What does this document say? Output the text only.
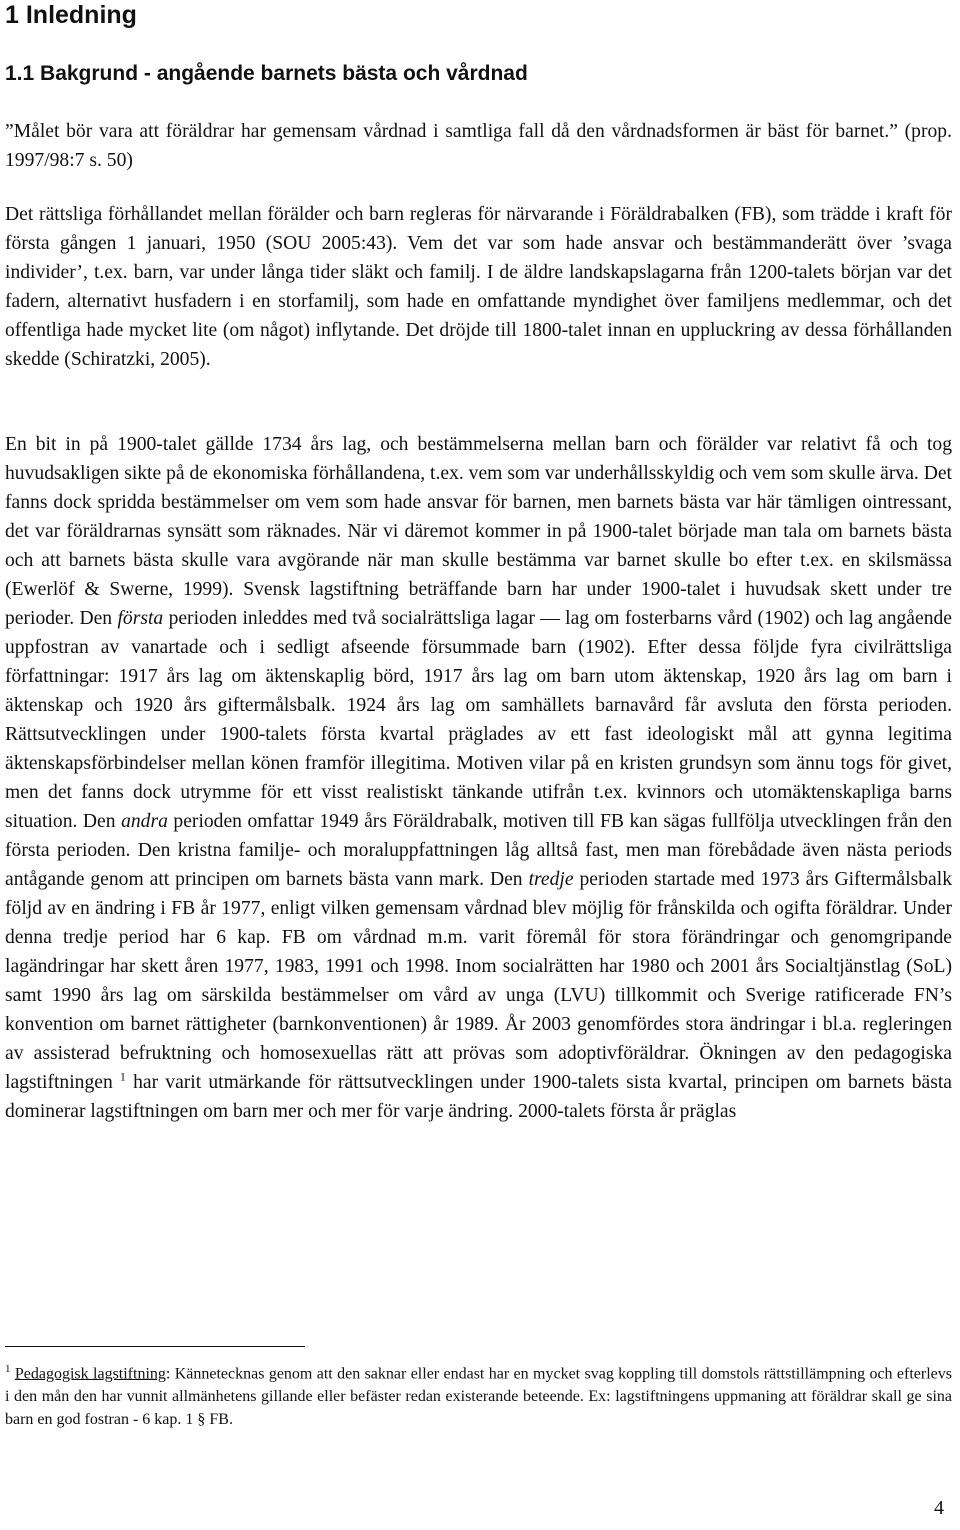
1 Inledning
1.1 Bakgrund - angående barnets bästa och vårdnad

”Målet bör vara att föräldrar har gemensam vårdnad i samtliga fall då den vårdnadsformen är bäst för barnet.” (prop. 1997/98:7 s. 50)

Det rättsliga förhållandet mellan förälder och barn regleras för närvarande i Föräldrabalken (FB), som trädde i kraft för första gången 1 januari, 1950 (SOU 2005:43). Vem det var som hade ansvar och bestämmanderätt över ’svaga individer’, t.ex. barn, var under långa tider släkt och familj. I de äldre landskapslagarna från 1200-talets början var det fadern, alternativt husfadern i en storfamilj, som hade en omfattande myndighet över familjens medlemmar, och det offentliga hade mycket lite (om något) inflytande. Det dröjde till 1800-talet innan en uppluckring av dessa förhållanden skedde (Schiratzki, 2005).

En bit in på 1900-talet gällde 1734 års lag, och bestämmelserna mellan barn och förälder var relativt få och tog huvudsakligen sikte på de ekonomiska förhållandena, t.ex. vem som var underhållsskyldig och vem som skulle ärva. Det fanns dock spridda bestämmelser om vem som hade ansvar för barnen, men barnets bästa var här tämligen ointressant, det var föräldrarnas synsätt som räknades. När vi däremot kommer in på 1900-talet började man tala om barnets bästa och att barnets bästa skulle vara avgörande när man skulle bestämma var barnet skulle bo efter t.ex. en skilsmässa (Ewerlöf & Swerne, 1999). Svensk lagstiftning beträffande barn har under 1900-talet i huvudsak skett under tre perioder. Den första perioden inleddes med två socialrättsliga lagar — lag om fosterbarns vård (1902) och lag angående uppfostran av vanartade och i sedligt afseende försummade barn (1902). Efter dessa följde fyra civilrättsliga författningar: 1917 års lag om äktenskaplig börd, 1917 års lag om barn utom äktenskap, 1920 års lag om barn i äktenskap och 1920 års giftermålsbalk. 1924 års lag om samhällets barnavård får avsluta den första perioden. Rättsutvecklingen under 1900-talets första kvartal präglades av ett fast ideologiskt mål att gynna legitima äktenskapsförbindelser mellan könen framför illegitima. Motiven vilar på en kristen grundsyn som ännu togs för givet, men det fanns dock utrymme för ett visst realistiskt tänkande utifrån t.ex. kvinnors och utomäktenskapliga barns situation. Den andra perioden omfattar 1949 års Föräldrabalk, motiven till FB kan sägas fullfölja utvecklingen från den första perioden. Den kristna familje- och moraluppfattningen låg alltså fast, men man förebådade även nästa periods antågande genom att principen om barnets bästa vann mark. Den tredje perioden startade med 1973 års Giftermålsbalk följd av en ändring i FB år 1977, enligt vilken gemensam vårdnad blev möjlig för frånskilda och ogifta föräldrar. Under denna tredje period har 6 kap. FB om vårdnad m.m. varit föremål för stora förändringar och genomgripande lagändringar har skett åren 1977, 1983, 1991 och 1998. Inom socialrätten har 1980 och 2001 års Socialtjänstlag (SoL) samt 1990 års lag om särskilda bestämmelser om vård av unga (LVU) tillkommit och Sverige ratificerade FN’s konvention om barnet rättigheter (barnkonventionen) år 1989. År 2003 genomfördes stora ändringar i bl.a. regleringen av assisterad befruktning och homosexuellas rätt att prövas som adoptivföräldrar. Ökningen av den pedagogiska lagstiftningen $^1$ har varit utmärkande för rättsutvecklingen under 1900-talets sista kvartal, principen om barnets bästa dominerar lagstiftningen om barn mer och mer för varje ändring. 2000-talets första år präglas

$^1$ Pedagogisk lagstiftning: Kännetecknas genom att den saknar eller endast har en mycket svag koppling till domstols rättstillämpning och efterlevs i den mån den har vunnit allmänhetens gillande eller befäster redan existerande beteende. Ex: lagstiftningens uppmaning att föräldrar skall ge sina barn en god fostran - 6 kap. 1 § FB.
4
